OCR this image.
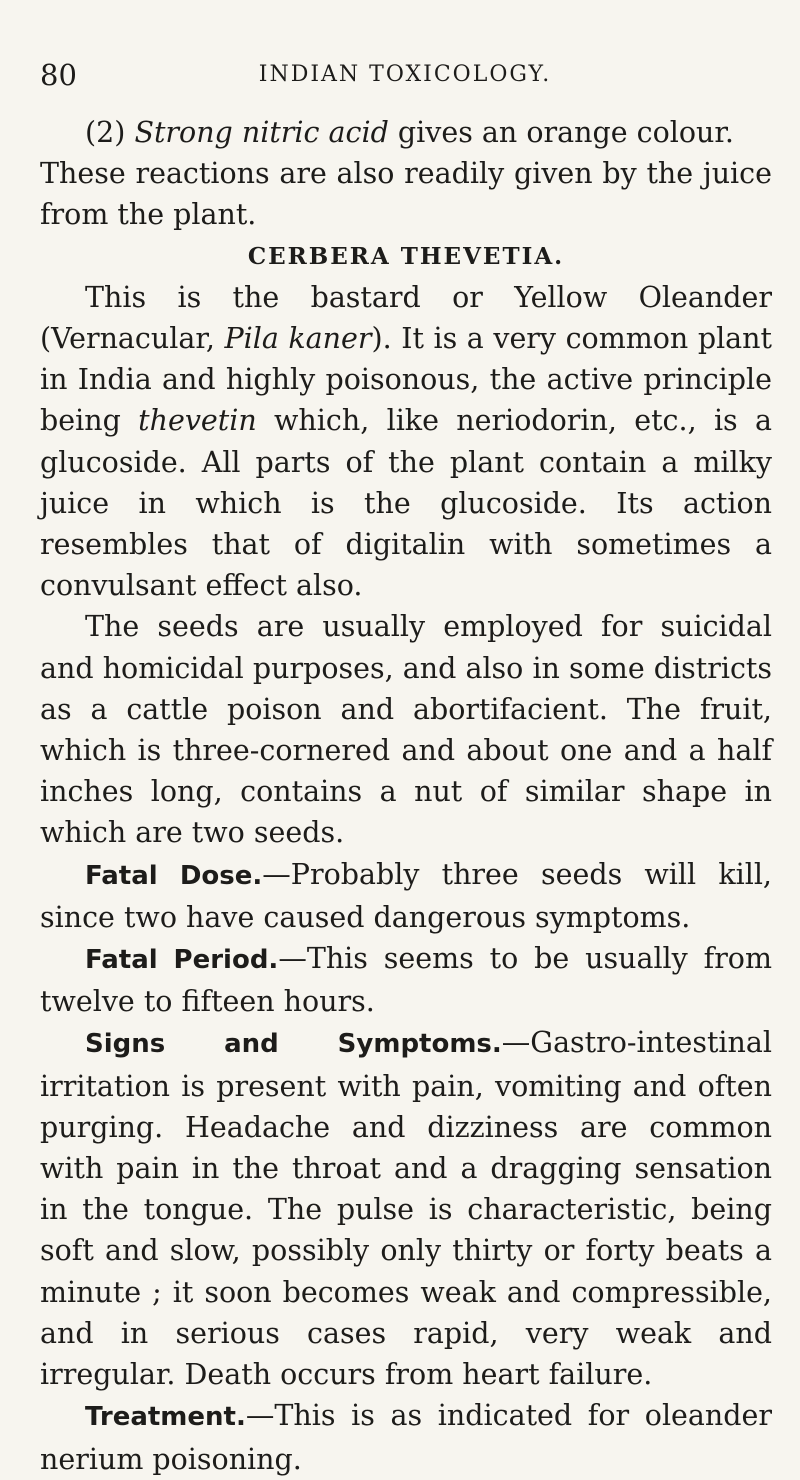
80	INDIAN TOXICOLOGY.

(2) Strong nitric acid gives an orange colour.

These reactions are also readily given by the juice from the plant.

CERBERA THEVETIA.

This is the bastard or Yellow Oleander (Vernacular, Pila kaner). It is a very common plant in India and highly poisonous, the active principle being thevetin which, like neriodorin, etc., is a glucoside. All parts of the plant contain a milky juice in which is the glucoside. Its action resembles that of digitalin with sometimes a convulsant effect also.

The seeds are usually employed for suicidal and homicidal purposes, and also in some districts as a cattle poison and abortifacient. The fruit, which is three-cornered and about one and a half inches long, contains a nut of similar shape in which are two seeds.

Fatal Dose.—Probably three seeds will kill, since two have caused dangerous symptoms.

Fatal Period.—This seems to be usually from twelve to fifteen hours.

Signs and Symptoms.—Gastro-intestinal irritation is present with pain, vomiting and often purging. Headache and dizziness are common with pain in the throat and a dragging sensation in the tongue. The pulse is characteristic, being soft and slow, possibly only thirty or forty beats a minute ; it soon becomes weak and compressible, and in serious cases rapid, very weak and irregular. Death occurs from heart failure.

Treatment.—This is as indicated for oleander nerium poisoning.
